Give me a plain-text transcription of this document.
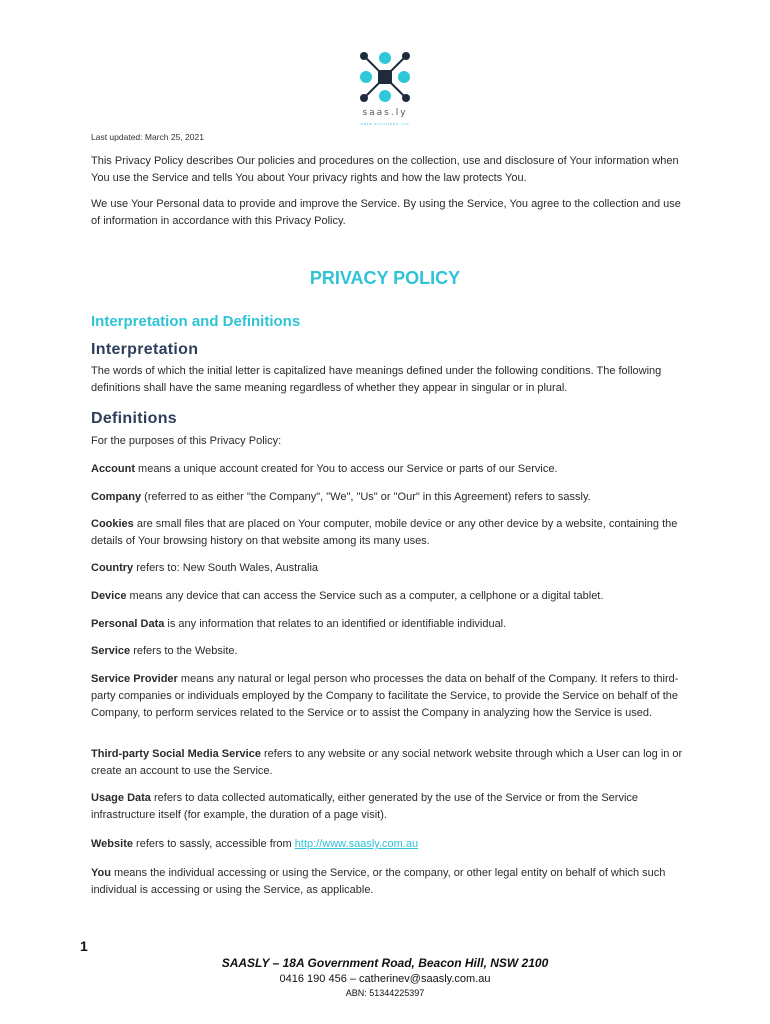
saas.ly
data solutions inc
Last updated: March 25, 2021
This Privacy Policy describes Our policies and procedures on the collection, use and disclosure of Your information when You use the Service and tells You about Your privacy rights and how the law protects You.
We use Your Personal data to provide and improve the Service. By using the Service, You agree to the collection and use of information in accordance with this Privacy Policy.
PRIVACY POLICY
Interpretation and Definitions
Interpretation
The words of which the initial letter is capitalized have meanings defined under the following conditions. The following definitions shall have the same meaning regardless of whether they appear in singular or in plural.
Definitions
For the purposes of this Privacy Policy:
Account means a unique account created for You to access our Service or parts of our Service.
Company (referred to as either "the Company", "We", "Us" or "Our" in this Agreement) refers to sassly.
Cookies are small files that are placed on Your computer, mobile device or any other device by a website, containing the details of Your browsing history on that website among its many uses.
Country refers to: New South Wales, Australia
Device means any device that can access the Service such as a computer, a cellphone or a digital tablet.
Personal Data is any information that relates to an identified or identifiable individual.
Service refers to the Website.
Service Provider means any natural or legal person who processes the data on behalf of the Company. It refers to third-party companies or individuals employed by the Company to facilitate the Service, to provide the Service on behalf of the Company, to perform services related to the Service or to assist the Company in analyzing how the Service is used.
Third-party Social Media Service refers to any website or any social network website through which a User can log in or create an account to use the Service.
Usage Data refers to data collected automatically, either generated by the use of the Service or from the Service infrastructure itself (for example, the duration of a page visit).
Website refers to sassly, accessible from http://www.saasly.com.au
You means the individual accessing or using the Service, or the company, or other legal entity on behalf of which such individual is accessing or using the Service, as applicable.
1
SAASLY – 18A Government Road, Beacon Hill, NSW 2100
0416 190 456 – catherinev@saasly.com.au
ABN: 51344225397
